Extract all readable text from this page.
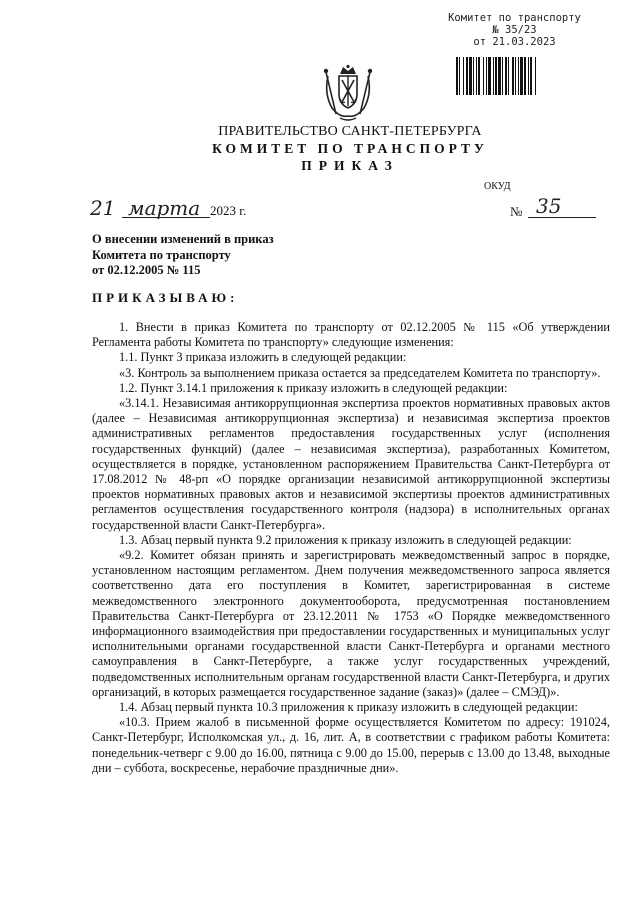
Комитет по транспорту
№ 35/23
от 21.03.2023
ПРАВИТЕЛЬСТВО САНКТ-ПЕТЕРБУРГА
КОМИТЕТ ПО ТРАНСПОРТУ
ПРИКАЗ
ОКУД
21 марта 2023 г.	№ 35
О внесении изменений в приказ
Комитета по транспорту
от 02.12.2005 № 115
ПРИКАЗЫВАЮ:

1. Внести в приказ Комитета по транспорту от 02.12.2005 № 115 «Об утверждении Регламента работы Комитета по транспорту» следующие изменения:

1.1. Пункт 3 приказа изложить в следующей редакции:

«3. Контроль за выполнением приказа остается за председателем Комитета по транспорту».

1.2. Пункт 3.14.1 приложения к приказу изложить в следующей редакции:

«3.14.1. Независимая антикоррупционная экспертиза проектов нормативных правовых актов (далее – Независимая антикоррупционная экспертиза) и независимая экспертиза проектов административных регламентов предоставления государственных услуг (исполнения государственных функций) (далее – независимая экспертиза), разработанных Комитетом, осуществляется в порядке, установленном распоряжением Правительства Санкт-Петербурга от 17.08.2012 № 48-рп «О порядке организации независимой антикоррупционной экспертизы проектов нормативных правовых актов и независимой экспертизы проектов административных регламентов осуществления государственного контроля (надзора) в исполнительных органах государственной власти Санкт-Петербурга».

1.3. Абзац первый пункта 9.2 приложения к приказу изложить в следующей редакции:

«9.2. Комитет обязан принять и зарегистрировать межведомственный запрос в порядке, установленном настоящим регламентом. Днем получения межведомственного запроса является соответственно дата его поступления в Комитет, зарегистрированная в системе межведомственного электронного документооборота, предусмотренная постановлением Правительства Санкт-Петербурга от 23.12.2011 № 1753 «О Порядке межведомственного информационного взаимодействия при предоставлении государственных и муниципальных услуг исполнительными органами государственной власти Санкт-Петербурга и органами местного самоуправления в Санкт-Петербурге, а также услуг государственных учреждений, подведомственных исполнительным органам государственной власти Санкт-Петербурга, и других организаций, в которых размещается государственное задание (заказ)» (далее – СМЭД)».

1.4. Абзац первый пункта 10.3 приложения к приказу изложить в следующей редакции:

«10.3. Прием жалоб в письменной форме осуществляется Комитетом по адресу: 191024, Санкт-Петербург, Исполкомская ул., д. 16, лит. А, в соответствии с графиком работы Комитета: понедельник-четверг с 9.00 до 16.00, пятница с 9.00 до 15.00, перерыв с 13.00 до 13.48, выходные дни – суббота, воскресенье, нерабочие праздничные дни».
